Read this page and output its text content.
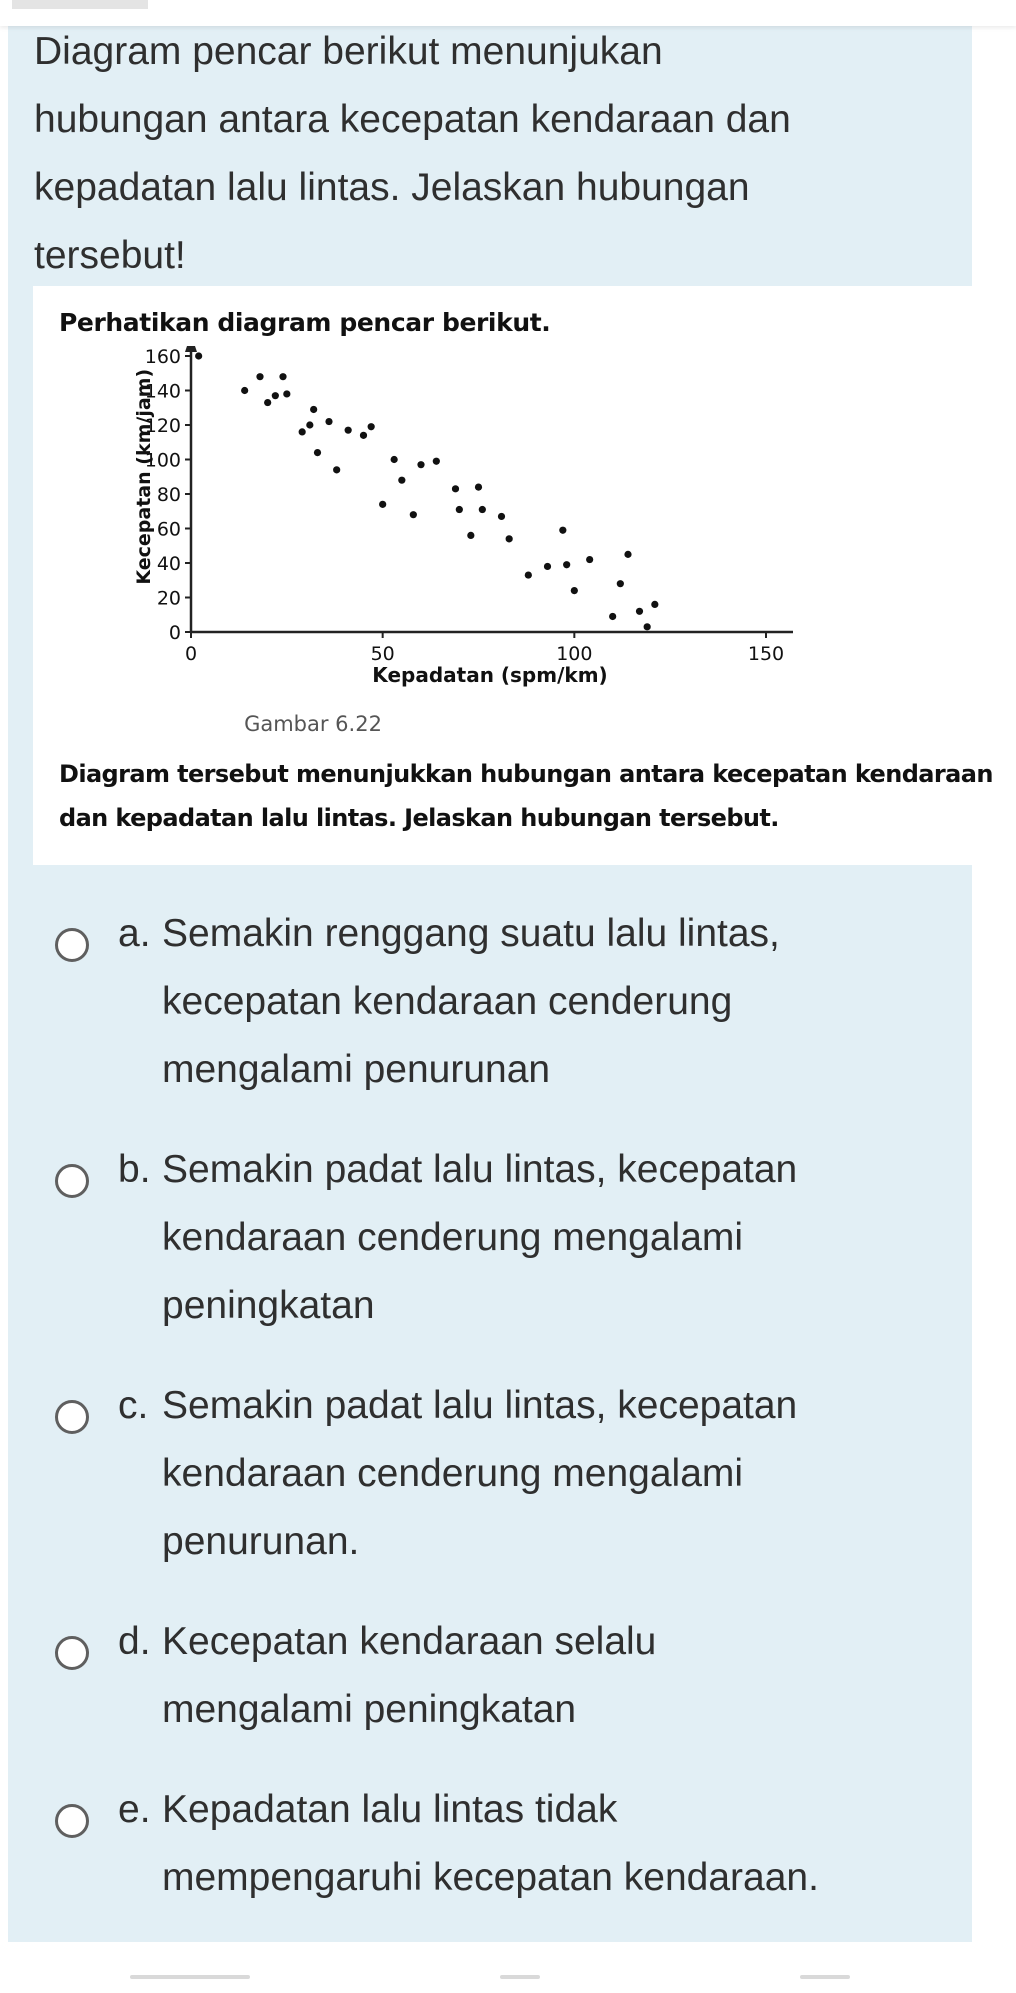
Diagram pencar berikut menunjukan
hubungan antara kecepatan kendaraan dan
kepadatan lalu lintas. Jelaskan hubungan
tersebut!
Perhatikan diagram pencar berikut.
0
20
40
60
80
100
120
140
160
0	50	100	150
Kepadatan (spm/km)
Kecepatan (km/jam)
Gambar 6.22
Diagram tersebut menunjukkan hubungan antara kecepatan kendaraan
dan kepadatan lalu lintas. Jelaskan hubungan tersebut.
a. Semakin renggang suatu lalu lintas,
kecepatan kendaraan cenderung
mengalami penurunan
b. Semakin padat lalu lintas, kecepatan
kendaraan cenderung mengalami
peningkatan
c. Semakin padat lalu lintas, kecepatan
kendaraan cenderung mengalami
penurunan.
d. Kecepatan kendaraan selalu
mengalami peningkatan
e. Kepadatan lalu lintas tidak
mempengaruhi kecepatan kendaraan.
